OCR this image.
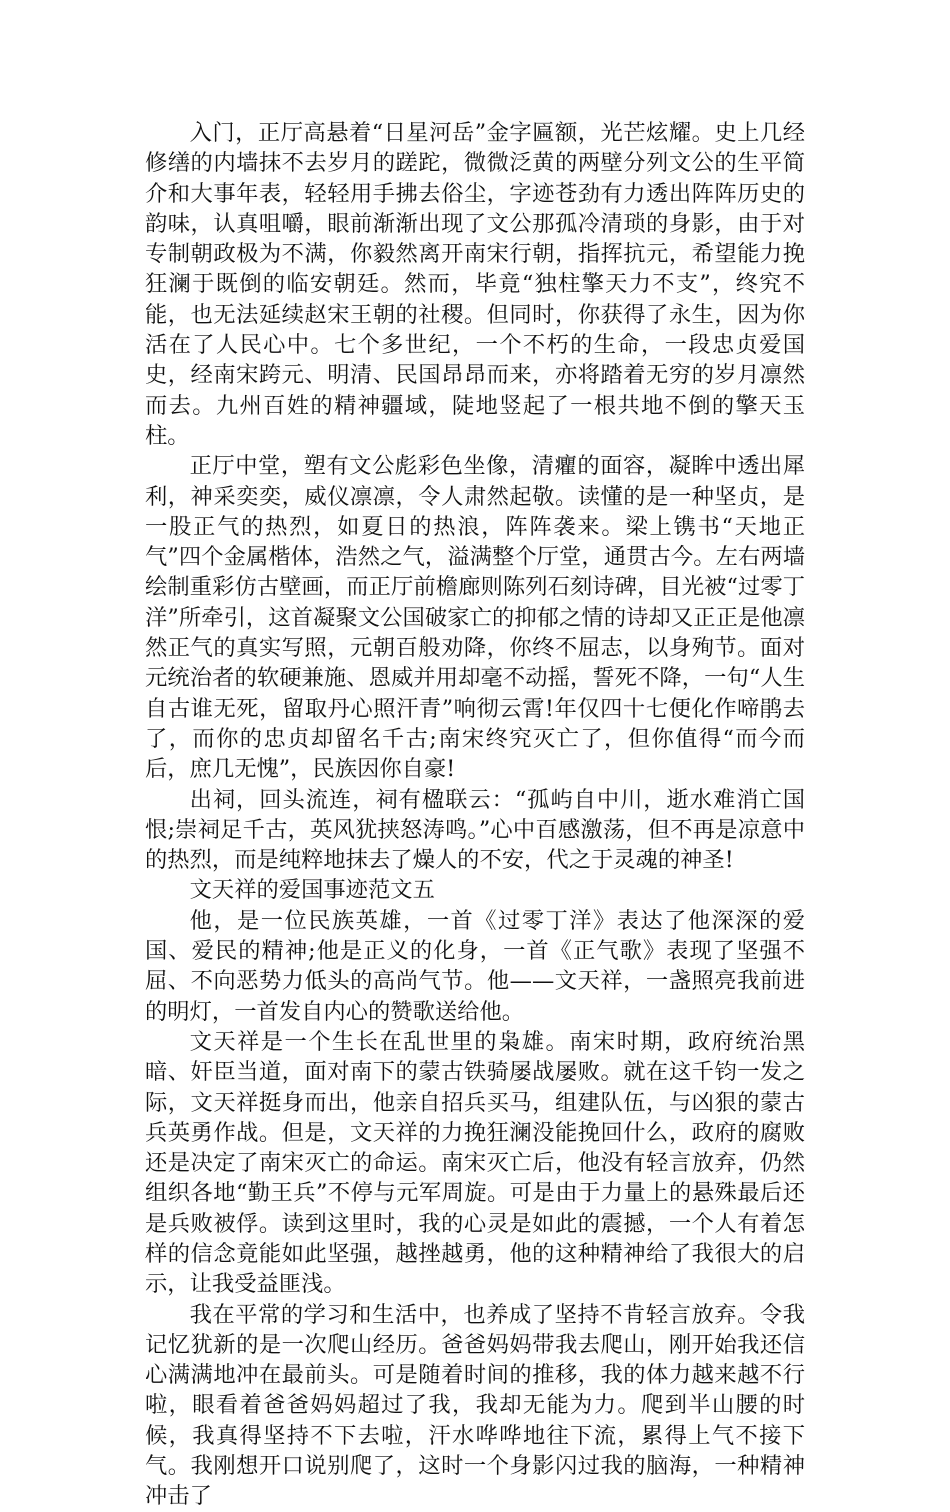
入门，正厅高悬着“日星河岳”金字匾额，光芒炫耀。史上几经修缮的内墙抹不去岁月的蹉跎，微微泛黄的两壁分列文公的生平简介和大事年表，轻轻用手拂去俗尘，字迹苍劲有力透出阵阵历史的韵味，认真咀嚼，眼前渐渐出现了文公那孤冷清琐的身影，由于对专制朝政极为不满，你毅然离开南宋行朝，指挥抗元，希望能力挽狂澜于既倒的临安朝廷。然而，毕竟“独柱擎天力不支”，终究不能，也无法延续赵宋王朝的社稷。但同时，你获得了永生，因为你活在了人民心中。七个多世纪，一个不朽的生命，一段忠贞爱国史，经南宋跨元、明清、民国昂昂而来，亦将踏着无穷的岁月凛然而去。九州百姓的精神疆域，陡地竖起了一根共地不倒的擎天玉柱。

正厅中堂，塑有文公彪彩色坐像，清癯的面容，凝眸中透出犀利，神采奕奕，威仪凛凛，令人肃然起敬。读懂的是一种坚贞，是一股正气的热烈，如夏日的热浪，阵阵袭来。梁上镌书“天地正气”四个金属楷体，浩然之气，溢满整个厅堂，通贯古今。左右两墙绘制重彩仿古壁画，而正厅前檐廊则陈列石刻诗碑，目光被“过零丁洋”所牵引，这首凝聚文公国破家亡的抑郁之情的诗却又正正是他凛然正气的真实写照，元朝百般劝降，你终不屈志，以身殉节。面对元统治者的软硬兼施、恩威并用却毫不动摇，誓死不降，一句“人生自古谁无死，留取丹心照汗青”响彻云霄!年仅四十七便化作啼鹃去了，而你的忠贞却留名千古;南宋终究灭亡了，但你值得“而今而后，庶几无愧”，民族因你自豪!

出祠，回头流连，祠有楹联云：“孤屿自中川，逝水难消亡国恨;崇祠足千古，英风犹挟怒涛鸣。”心中百感激荡，但不再是凉意中的热烈，而是纯粹地抹去了燥人的不安，代之于灵魂的神圣!

文天祥的爱国事迹范文五

他，是一位民族英雄，一首《过零丁洋》表达了他深深的爱国、爱民的精神;他是正义的化身，一首《正气歌》表现了坚强不屈、不向恶势力低头的高尚气节。他——文天祥，一盏照亮我前进的明灯，一首发自内心的赞歌送给他。

文天祥是一个生长在乱世里的枭雄。南宋时期，政府统治黑暗、奸臣当道，面对南下的蒙古铁骑屡战屡败。就在这千钧一发之际，文天祥挺身而出，他亲自招兵买马，组建队伍，与凶狠的蒙古兵英勇作战。但是，文天祥的力挽狂澜没能挽回什么，政府的腐败还是决定了南宋灭亡的命运。南宋灭亡后，他没有轻言放弃，仍然组织各地“勤王兵”不停与元军周旋。可是由于力量上的悬殊最后还是兵败被俘。读到这里时，我的心灵是如此的震撼，一个人有着怎样的信念竟能如此坚强，越挫越勇，他的这种精神给了我很大的启示，让我受益匪浅。

我在平常的学习和生活中，也养成了坚持不肯轻言放弃。令我记忆犹新的是一次爬山经历。爸爸妈妈带我去爬山，刚开始我还信心满满地冲在最前头。可是随着时间的推移，我的体力越来越不行啦，眼看着爸爸妈妈超过了我，我却无能为力。爬到半山腰的时候，我真得坚持不下去啦，汗水哗哗地往下流，累得上气不接下气。我刚想开口说别爬了，这时一个身影闪过我的脑海，一种精神冲击了
